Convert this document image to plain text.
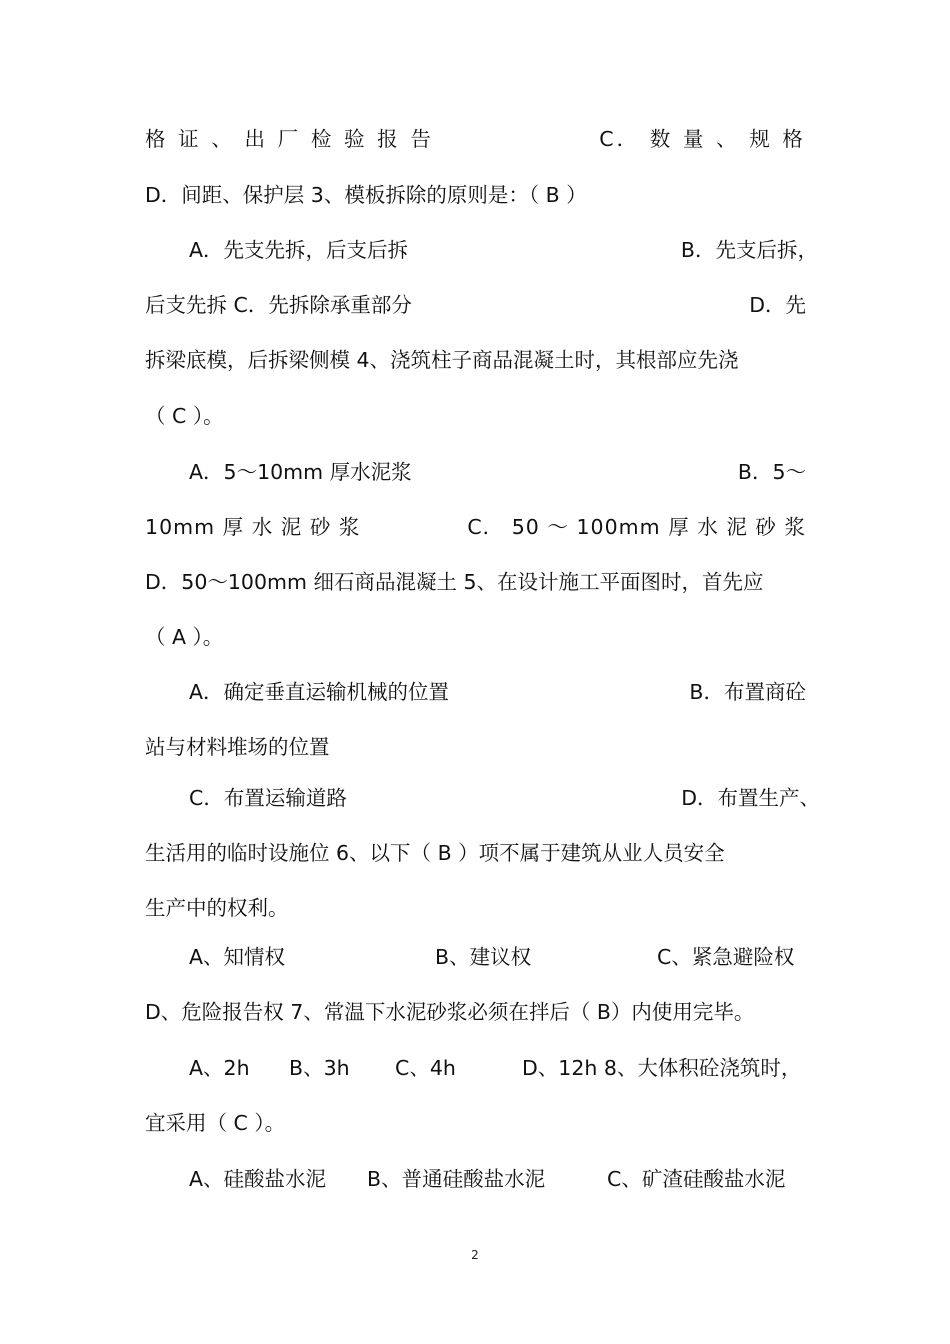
格 证 、 出 厂 检 验 报 告	C． 数 量 、 规 格
D．间距、保护层 3、模板拆除的原则是：（ B ）
A．先支先拆，后支后拆	B．先支后拆，
后支先拆 C．先拆除承重部分	D．先
拆梁底模，后拆梁侧模 4、浇筑柱子商品混凝土时，其根部应先浇
（ C ）。
A．5～10mm 厚水泥浆	B．5～
10mm 厚 水 泥 砂 浆	C． 50 ～ 100mm 厚 水 泥 砂 浆
D．50～100mm 细石商品混凝土 5、在设计施工平面图时，首先应
（ A ）。
A．确定垂直运输机械的位置	B．布置商砼
站与材料堆场的位置
C．布置运输道路	D．布置生产、
生活用的临时设施位 6、以下（ B ）项不属于建筑从业人员安全
生产中的权利。
A、知情权	B、建议权	C、紧急避险权
D、危险报告权 7、常温下水泥砂浆必须在拌后（ B）内使用完毕。
A、2h B、3h C、4h	D、12h 8、大体积砼浇筑时，
宜采用（ C ）。
A、硅酸盐水泥 B、普通硅酸盐水泥	C、矿渣硅酸盐水泥
2
